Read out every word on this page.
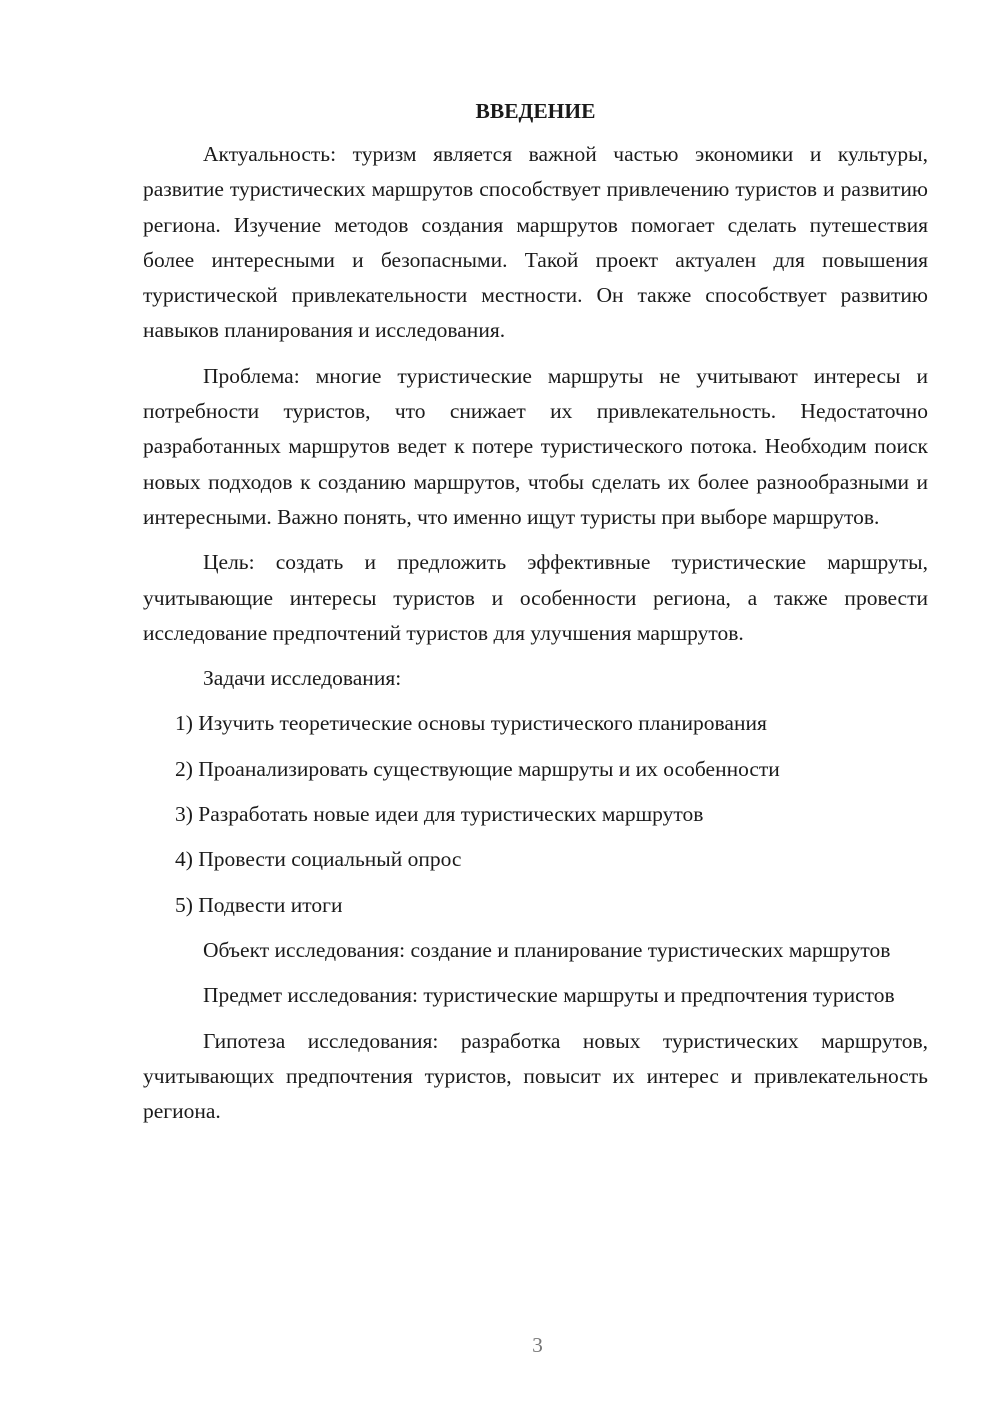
ВВЕДЕНИЕ

Актуальность: туризм является важной частью экономики и культуры, развитие туристических маршрутов способствует привлечению туристов и развитию региона. Изучение методов создания маршрутов помогает сделать путешествия более интересными и безопасными. Такой проект актуален для повышения туристической привлекательности местности. Он также способствует развитию навыков планирования и исследования.

Проблема: многие туристические маршруты не учитывают интересы и потребности туристов, что снижает их привлекательность. Недостаточно разработанных маршрутов ведет к потере туристического потока. Необходим поиск новых подходов к созданию маршрутов, чтобы сделать их более разнообразными и интересными. Важно понять, что именно ищут туристы при выборе маршрутов.

Цель: создать и предложить эффективные туристические маршруты, учитывающие интересы туристов и особенности региона, а также провести исследование предпочтений туристов для улучшения маршрутов.

Задачи исследования:

1) Изучить теоретические основы туристического планирования
2) Проанализировать существующие маршруты и их особенности
3) Разработать новые идеи для туристических маршрутов
4) Провести социальный опрос
5) Подвести итоги

Объект исследования: создание и планирование туристических маршрутов

Предмет исследования: туристические маршруты и предпочтения туристов

Гипотеза исследования: разработка новых туристических маршрутов, учитывающих предпочтения туристов, повысит их интерес и привлекательность региона.

3
